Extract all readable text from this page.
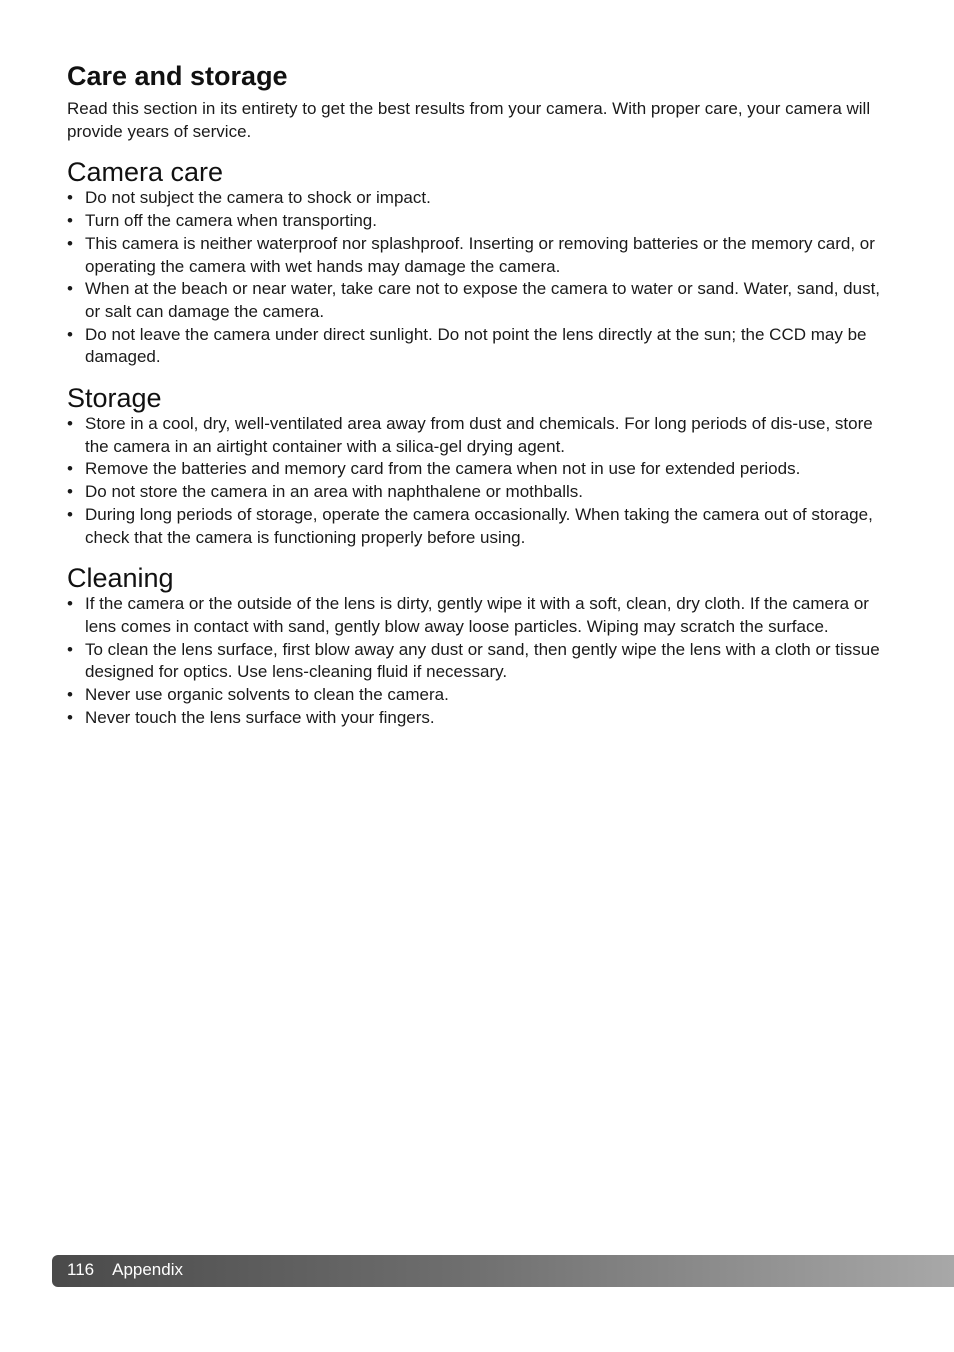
Care and storage

Read this section in its entirety to get the best results from your camera. With proper care, your camera will provide years of service.

Camera care
• Do not subject the camera to shock or impact.
• Turn off the camera when transporting.
• This camera is neither waterproof nor splashproof. Inserting or removing batteries or the memory card, or operating the camera with wet hands may damage the camera.
• When at the beach or near water, take care not to expose the camera to water or sand. Water, sand, dust, or salt can damage the camera.
• Do not leave the camera under direct sunlight. Do not point the lens directly at the sun; the CCD may be damaged.
Storage
• Store in a cool, dry, well-ventilated area away from dust and chemicals. For long periods of dis-use, store the camera in an airtight container with a silica-gel drying agent.
• Remove the batteries and memory card from the camera when not in use for extended periods.
• Do not store the camera in an area with naphthalene or mothballs.
• During long periods of storage, operate the camera occasionally. When taking the camera out of storage, check that the camera is functioning properly before using.
Cleaning
• If the camera or the outside of the lens is dirty, gently wipe it with a soft, clean, dry cloth. If the camera or lens comes in contact with sand, gently blow away loose particles. Wiping may scratch the surface.
• To clean the lens surface, first blow away any dust or sand, then gently wipe the lens with a cloth or tissue designed for optics. Use lens-cleaning fluid if necessary.
• Never use organic solvents to clean the camera.
• Never touch the lens surface with your fingers.
116 Appendix
